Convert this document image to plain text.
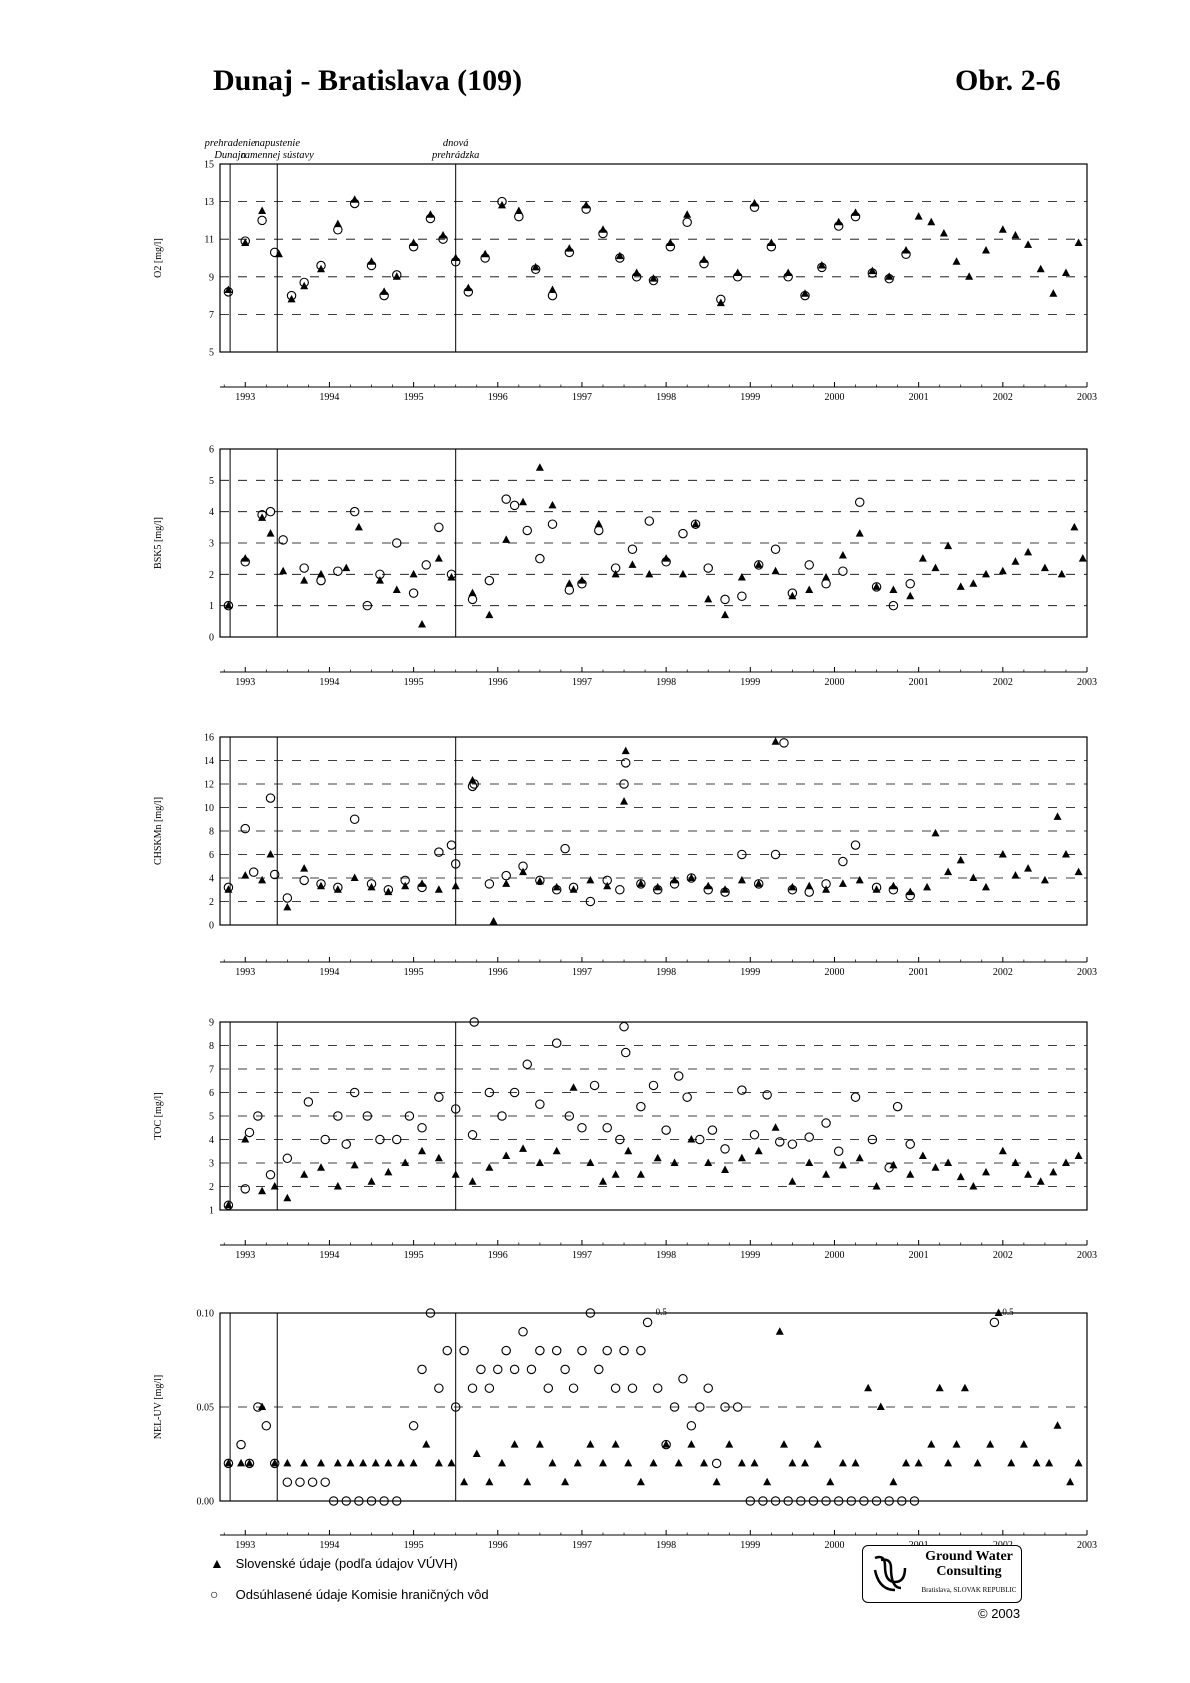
Dunaj - Bratislava (109)	Obr. 2-6
5
7
9
11
13
15
1993	1994	1995	1996	1997	1998	1999	2000	2001	2002	2003
O2 [mg/l]
0
1
2
3
4
5
6
1993	1994	1995	1996	1997	1998	1999	2000	2001	2002	2003
BSK5 [mg/l]
0
2
4
6
8
10
12
14
16
1993	1994	1995	1996	1997	1998	1999	2000	2001	2002	2003
CHSKMn [mg/l]
1
2
3
4
5
6
7
8
9
1993	1994	1995	1996	1997	1998	1999	2000	2001	2002	2003
TOC [mg/l]
0.00
0.05
0.10
1993	1994	1995	1996	1997	1998	1999	2000	2003
NEL-UV [mg/l]
0.5	0.5
prehradenie
Dunaja
napustenie
ramennej sústavy
dnová
prehrádzka
▲ Slovenské údaje (podľa údajov VÚVH)
○ Odsúhlasené údaje Komisie hraničných vôd
Ground Water
Consulting
Bratislava, SLOVAK REPUBLIC
© 2003
